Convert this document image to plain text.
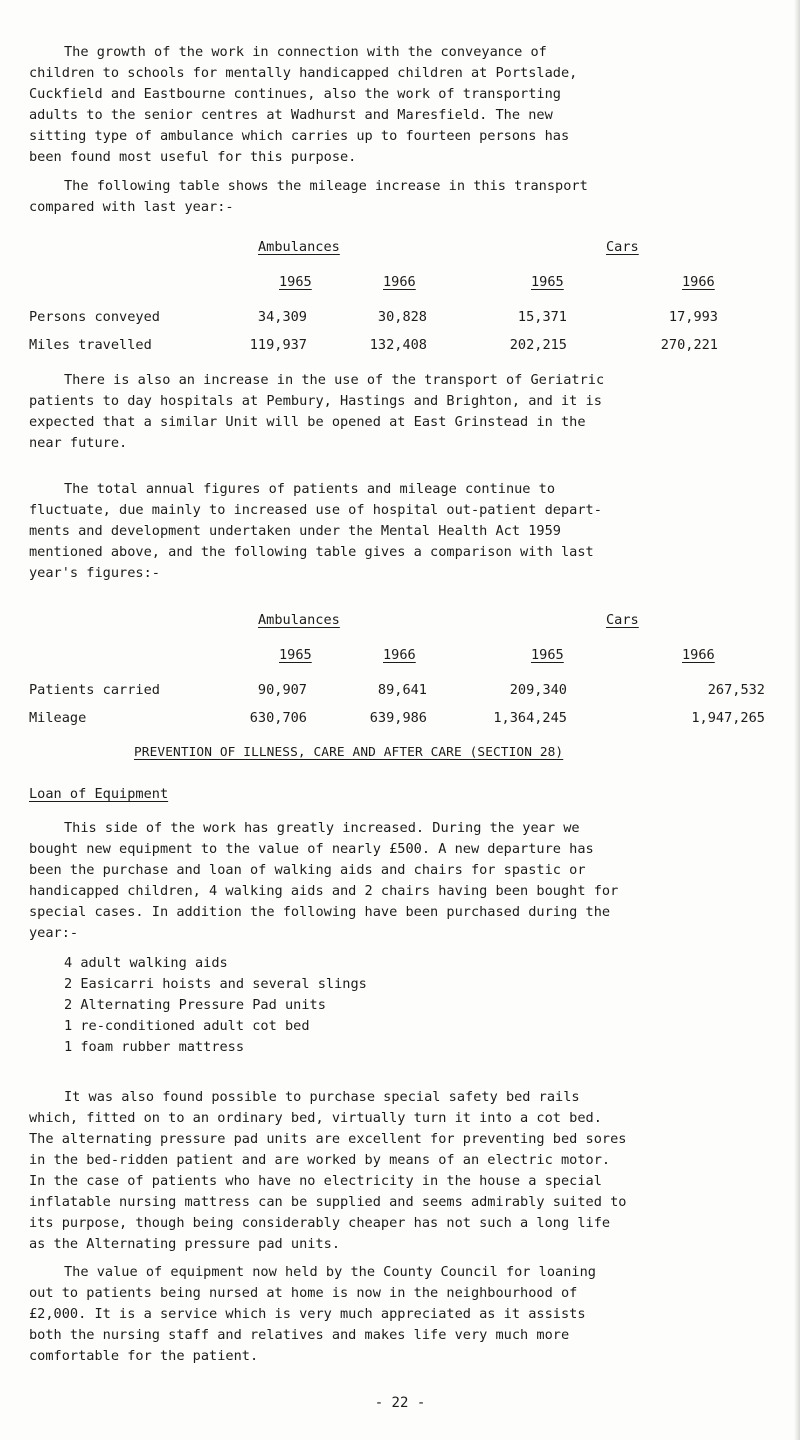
The growth of the work in connection with the conveyance of
children to schools for mentally handicapped children at Portslade,
Cuckfield and Eastbourne continues, also the work of transporting
adults to the senior centres at Wadhurst and Maresfield. The new
sitting type of ambulance which carries up to fourteen persons has
been found most useful for this purpose.

The following table shows the mileage increase in this transport
compared with last year:-

Ambulances	Cars
1965	1966	1965	1966
Persons conveyed	34,309	30,828	15,371	17,993
Miles travelled	119,937	132,408	202,215	270,221

There is also an increase in the use of the transport of Geriatric
patients to day hospitals at Pembury, Hastings and Brighton, and it is
expected that a similar Unit will be opened at East Grinstead in the
near future.

The total annual figures of patients and mileage continue to
fluctuate, due mainly to increased use of hospital out-patient depart-
ments and development undertaken under the Mental Health Act 1959
mentioned above, and the following table gives a comparison with last
year's figures:-

Ambulances	Cars
1965	1966	1965	1966
Patients carried	90,907	89,641	209,340	267,532
Mileage	630,706	639,986	1,364,245	1,947,265
PREVENTION OF ILLNESS, CARE AND AFTER CARE (SECTION 28)
Loan of Equipment

This side of the work has greatly increased. During the year we
bought new equipment to the value of nearly £500. A new departure has
been the purchase and loan of walking aids and chairs for spastic or
handicapped children, 4 walking aids and 2 chairs having been bought for
special cases. In addition the following have been purchased during the
year:-

4 adult walking aids
2 Easicarri hoists and several slings
2 Alternating Pressure Pad units
1 re-conditioned adult cot bed
1 foam rubber mattress

It was also found possible to purchase special safety bed rails
which, fitted on to an ordinary bed, virtually turn it into a cot bed.
The alternating pressure pad units are excellent for preventing bed sores
in the bed-ridden patient and are worked by means of an electric motor.
In the case of patients who have no electricity in the house a special
inflatable nursing mattress can be supplied and seems admirably suited to
its purpose, though being considerably cheaper has not such a long life
as the Alternating pressure pad units.

The value of equipment now held by the County Council for loaning
out to patients being nursed at home is now in the neighbourhood of
£2,000. It is a service which is very much appreciated as it assists
both the nursing staff and relatives and makes life very much more
comfortable for the patient.

- 22 -
